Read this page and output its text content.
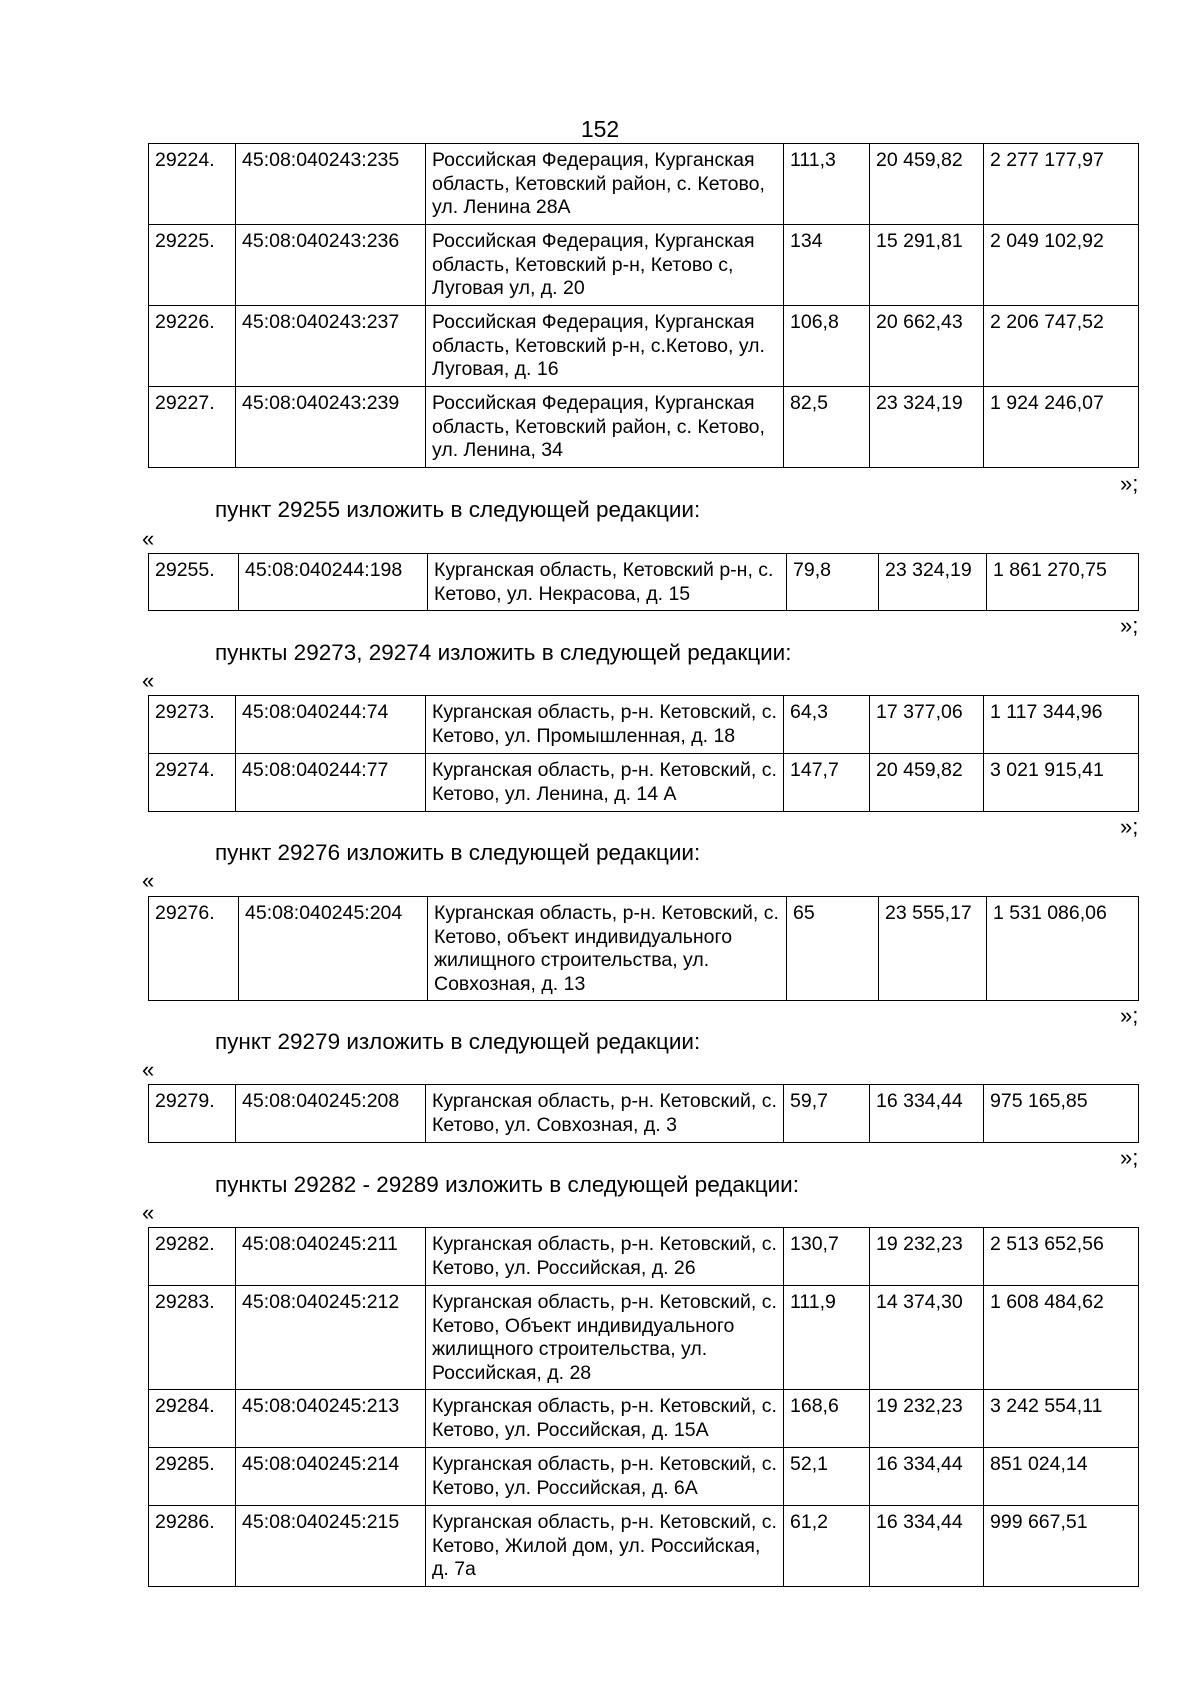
152
29224.	45:08:040243:235	Российская Федерация, Курганская область, Кетовский район, с. Кетово, ул. Ленина 28А	111,3	20 459,82	2 277 177,97
29225.	45:08:040243:236	Российская Федерация, Курганская область, Кетовский р-н, Кетово с, Луговая ул, д. 20	134	15 291,81	2 049 102,92
29226.	45:08:040243:237	Российская Федерация, Курганская область, Кетовский р-н, с.Кетово, ул. Луговая, д. 16	106,8	20 662,43	2 206 747,52
29227.	45:08:040243:239	Российская Федерация, Курганская область, Кетовский район, с. Кетово, ул. Ленина, 34	82,5	23 324,19	1 924 246,07
»;
пункт 29255 изложить в следующей редакции:
«
29255.	45:08:040244:198	Курганская область, Кетовский р-н, с. Кетово, ул. Некрасова, д. 15	79,8	23 324,19	1 861 270,75
»;
пункты 29273, 29274 изложить в следующей редакции:
«
29273.	45:08:040244:74	Курганская область, р-н. Кетовский, с. Кетово, ул. Промышленная, д. 18	64,3	17 377,06	1 117 344,96
29274.	45:08:040244:77	Курганская область, р-н. Кетовский, с. Кетово, ул. Ленина, д. 14 А	147,7	20 459,82	3 021 915,41
»;
пункт 29276 изложить в следующей редакции:
«
29276.	45:08:040245:204	Курганская область, р-н. Кетовский, с. Кетово, объект индивидуального жилищного строительства, ул. Совхозная, д. 13	65	23 555,17	1 531 086,06
»;
пункт 29279 изложить в следующей редакции:
«
29279.	45:08:040245:208	Курганская область, р-н. Кетовский, с. Кетово, ул. Совхозная, д. 3	59,7	16 334,44	975 165,85
»;
пункты 29282 - 29289 изложить в следующей редакции:
«
29282.	45:08:040245:211	Курганская область, р-н. Кетовский, с. Кетово, ул. Российская, д. 26	130,7	19 232,23	2 513 652,56
29283.	45:08:040245:212	Курганская область, р-н. Кетовский, с. Кетово, Объект индивидуального жилищного строительства, ул. Российская, д. 28	111,9	14 374,30	1 608 484,62
29284.	45:08:040245:213	Курганская область, р-н. Кетовский, с. Кетово, ул. Российская, д. 15А	168,6	19 232,23	3 242 554,11
29285.	45:08:040245:214	Курганская область, р-н. Кетовский, с. Кетово, ул. Российская, д. 6А	52,1	16 334,44	851 024,14
29286.	45:08:040245:215	Курганская область, р-н. Кетовский, с. Кетово, Жилой дом, ул. Российская, д. 7а	61,2	16 334,44	999 667,51
